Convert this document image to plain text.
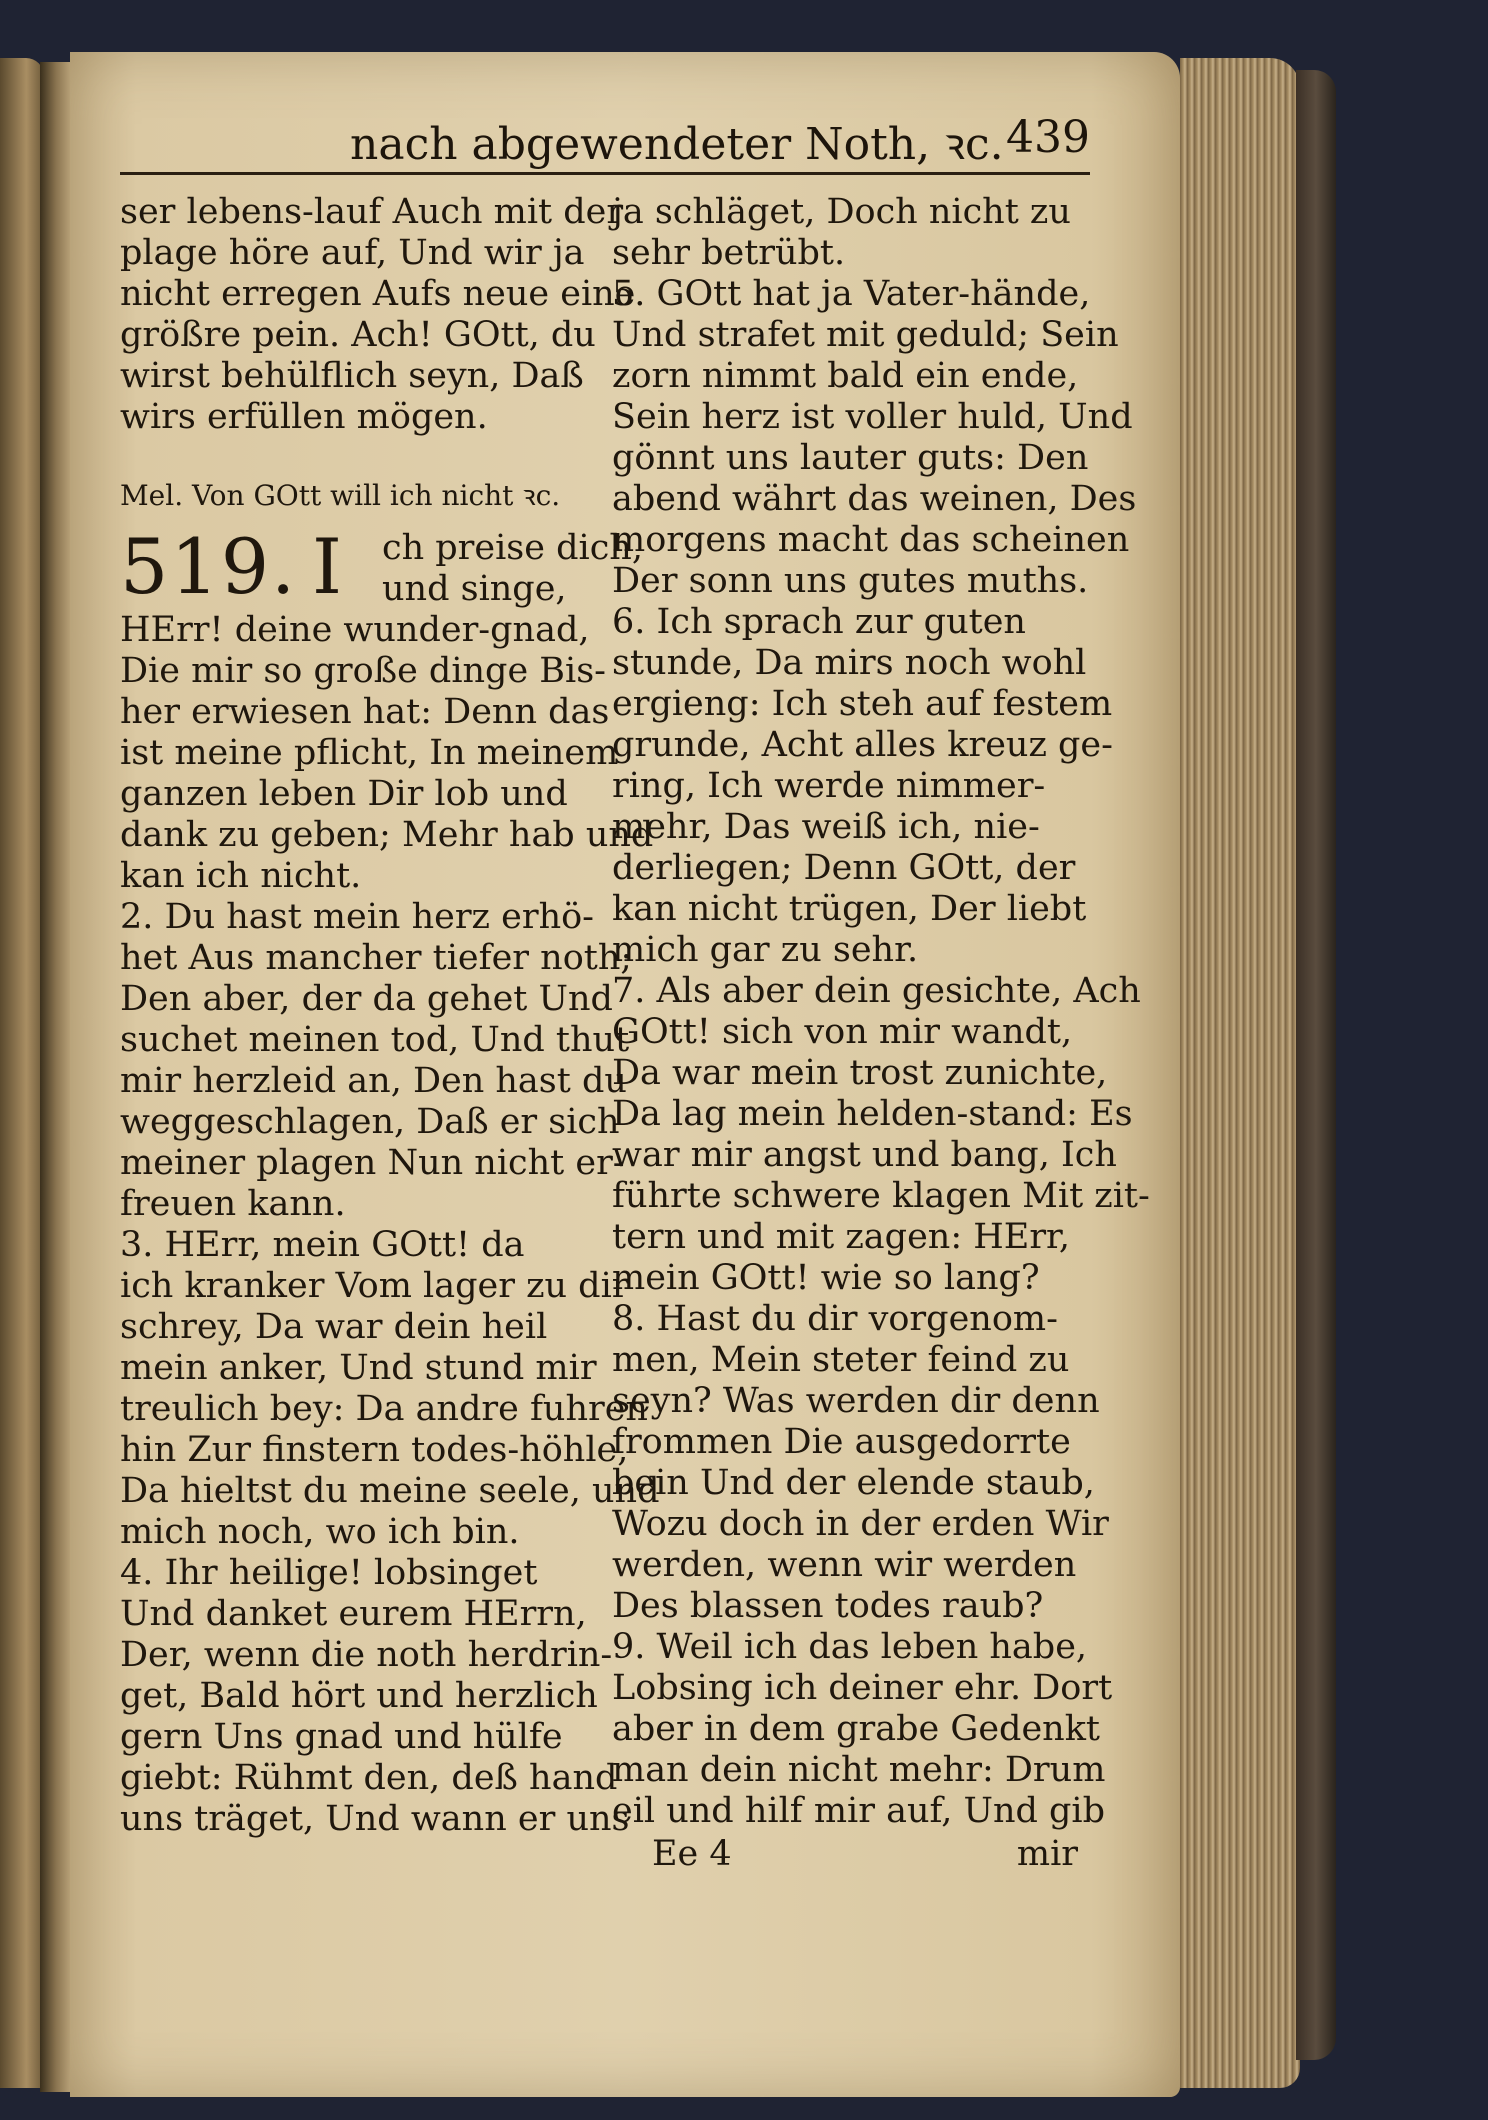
nach abgewendeter Noth, ꝛc. 439
ser lebens-lauf Auch mit der
plage höre auf, Und wir ja
nicht erregen Aufs neue eine
größre pein. Ach! GOtt, du
wirst behülflich seyn, Daß
wirs erfüllen mögen.
Mel. Von GOtt will ich nicht ꝛc.
519. I ch preise dich,
und singe,
HErr! deine wunder-gnad,
Die mir so große dinge Bis-
her erwiesen hat: Denn das
ist meine pflicht, In meinem
ganzen leben Dir lob und
dank zu geben; Mehr hab und
kan ich nicht.
2. Du hast mein herz erhö-
het Aus mancher tiefer noth;
Den aber, der da gehet Und
suchet meinen tod, Und thut
mir herzleid an, Den hast du
weggeschlagen, Daß er sich
meiner plagen Nun nicht er-
freuen kann.
3. HErr, mein GOtt! da
ich kranker Vom lager zu dir
schrey, Da war dein heil
mein anker, Und stund mir
treulich bey: Da andre fuhren
hin Zur finstern todes-höhle,
Da hieltst du meine seele, und
mich noch, wo ich bin.
4. Ihr heilige! lobsinget
Und danket eurem HErrn,
Der, wenn die noth herdrin-
get, Bald hört und herzlich
gern Uns gnad und hülfe
giebt: Rühmt den, deß hand
uns träget, Und wann er uns
ja schläget, Doch nicht zu
sehr betrübt.
5. GOtt hat ja Vater-hände,
Und strafet mit geduld; Sein
zorn nimmt bald ein ende,
Sein herz ist voller huld, Und
gönnt uns lauter guts: Den
abend währt das weinen, Des
morgens macht das scheinen
Der sonn uns gutes muths.
6. Ich sprach zur guten
stunde, Da mirs noch wohl
ergieng: Ich steh auf festem
grunde, Acht alles kreuz ge-
ring, Ich werde nimmer-
mehr, Das weiß ich, nie-
derliegen; Denn GOtt, der
kan nicht trügen, Der liebt
mich gar zu sehr.
7. Als aber dein gesichte, Ach
GOtt! sich von mir wandt,
Da war mein trost zunichte,
Da lag mein helden-stand: Es
war mir angst und bang, Ich
führte schwere klagen Mit zit-
tern und mit zagen: HErr,
mein GOtt! wie so lang?
8. Hast du dir vorgenom-
men, Mein steter feind zu
seyn? Was werden dir denn
frommen Die ausgedorrte
bein Und der elende staub,
Wozu doch in der erden Wir
werden, wenn wir werden
Des blassen todes raub?
9. Weil ich das leben habe,
Lobsing ich deiner ehr. Dort
aber in dem grabe Gedenkt
man dein nicht mehr: Drum
eil und hilf mir auf, Und gib
Ee 4	mir
